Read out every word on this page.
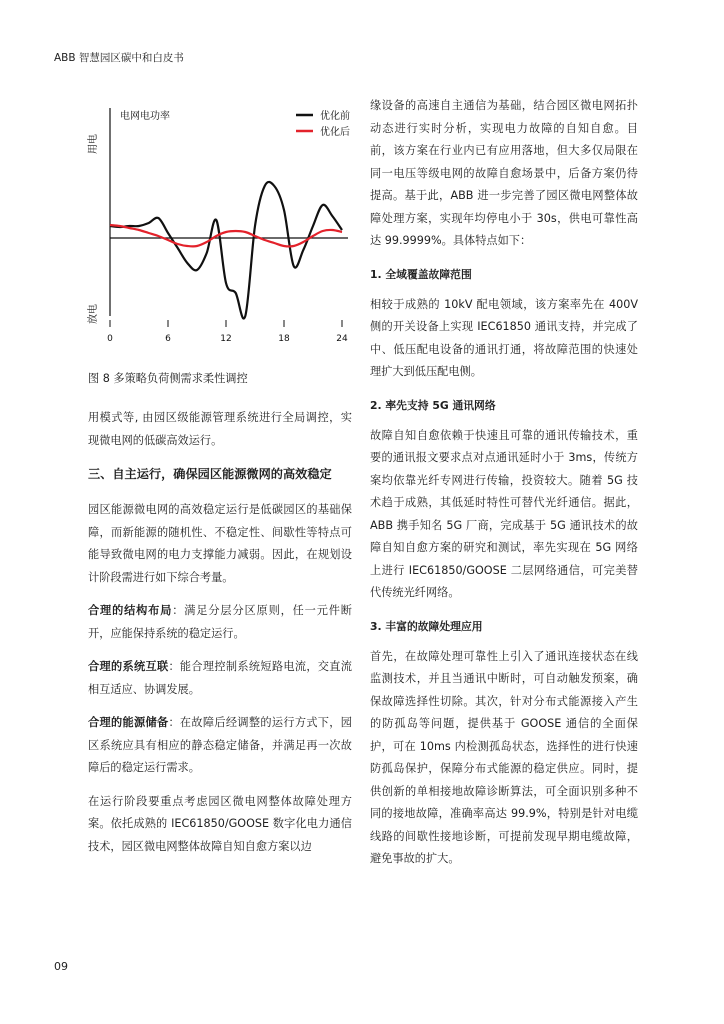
ABB 智慧园区碳中和白皮书
用电
放电
电网电功率	优化前
优化后
0	6	12	18	24
图 8 多策略负荷侧需求柔性调控

用模式等, 由园区级能源管理系统进行全局调控，实现微电网的低碳高效运行。

三、自主运行，确保园区能源微网的高效稳定

园区能源微电网的高效稳定运行是低碳园区的基础保障，而新能源的随机性、不稳定性、间歇性等特点可能导致微电网的电力支撑能力减弱。因此，在规划设计阶段需进行如下综合考量。

合理的结构布局：满足分层分区原则，任一元件断开，应能保持系统的稳定运行。

合理的系统互联：能合理控制系统短路电流，交直流相互适应、协调发展。

合理的能源储备：在故障后经调整的运行方式下，园区系统应具有相应的静态稳定储备，并满足再一次故障后的稳定运行需求。

在运行阶段要重点考虑园区微电网整体故障处理方案。依托成熟的 IEC61850/GOOSE 数字化电力通信技术，园区微电网整体故障自知自愈方案以边

缘设备的高速自主通信为基础，结合园区微电网拓扑动态进行实时分析，实现电力故障的自知自愈。目前，该方案在行业内已有应用落地，但大多仅局限在同一电压等级电网的故障自愈场景中，后备方案仍待提高。基于此，ABB 进一步完善了园区微电网整体故障处理方案，实现年均停电小于 30s，供电可靠性高达 99.9999%。具体特点如下：

1. 全域覆盖故障范围

相较于成熟的 10kV 配电领域，该方案率先在 400V 侧的开关设备上实现 IEC61850 通讯支持，并完成了中、低压配电设备的通讯打通，将故障范围的快速处理扩大到低压配电侧。

2. 率先支持 5G 通讯网络

故障自知自愈依赖于快速且可靠的通讯传输技术，重要的通讯报文要求点对点通讯延时小于 3ms，传统方案均依靠光纤专网进行传输，投资较大。随着 5G 技术趋于成熟，其低延时特性可替代光纤通信。据此，ABB 携手知名 5G 厂商，完成基于 5G 通讯技术的故障自知自愈方案的研究和测试，率先实现在 5G 网络上进行 IEC61850/GOOSE 二层网络通信，可完美替代传统光纤网络。

3. 丰富的故障处理应用

首先，在故障处理可靠性上引入了通讯连接状态在线监测技术，并且当通讯中断时，可自动触发预案，确保故障选择性切除。其次，针对分布式能源接入产生的防孤岛等问题，提供基于 GOOSE 通信的全面保护，可在 10ms 内检测孤岛状态，选择性的进行快速防孤岛保护，保障分布式能源的稳定供应。同时，提供创新的单相接地故障诊断算法，可全面识别多种不同的接地故障，准确率高达 99.9%，特别是针对电缆线路的间歇性接地诊断，可提前发现早期电缆故障，避免事故的扩大。

09
